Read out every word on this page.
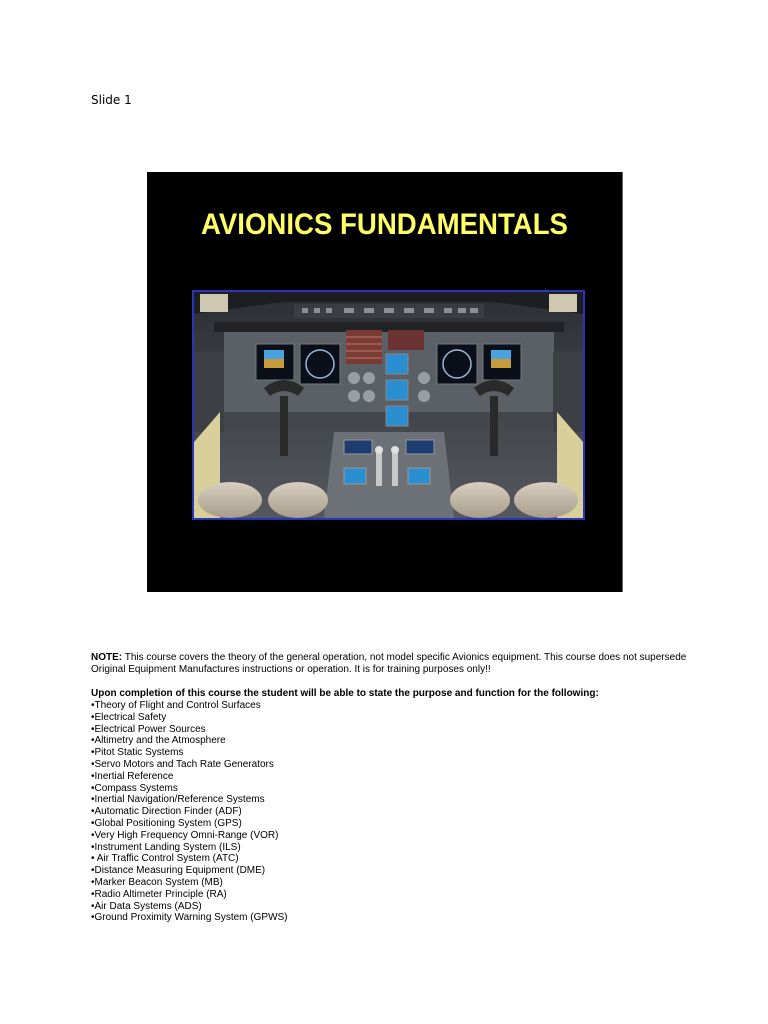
Slide 1
AVIONICS FUNDAMENTALS
NOTE: This course covers the theory of the general operation, not model specific Avionics equipment. This course does not supersede Original Equipment Manufactures instructions or operation. It is for training purposes only!!
Upon completion of this course the student will be able to state the purpose and function for the following:
•Theory of Flight and Control Surfaces
•Electrical Safety
•Electrical Power Sources
•Altimetry and the Atmosphere
•Pitot Static Systems
•Servo Motors and Tach Rate Generators
•Inertial Reference
•Compass Systems
•Inertial Navigation/Reference Systems
•Automatic Direction Finder (ADF)
•Global Positioning System (GPS)
•Very High Frequency Omni-Range (VOR)
•Instrument Landing System (ILS)
• Air Traffic Control System (ATC)
•Distance Measuring Equipment (DME)
•Marker Beacon System (MB)
•Radio Altimeter Principle (RA)
•Air Data Systems (ADS)
•Ground Proximity Warning System (GPWS)
